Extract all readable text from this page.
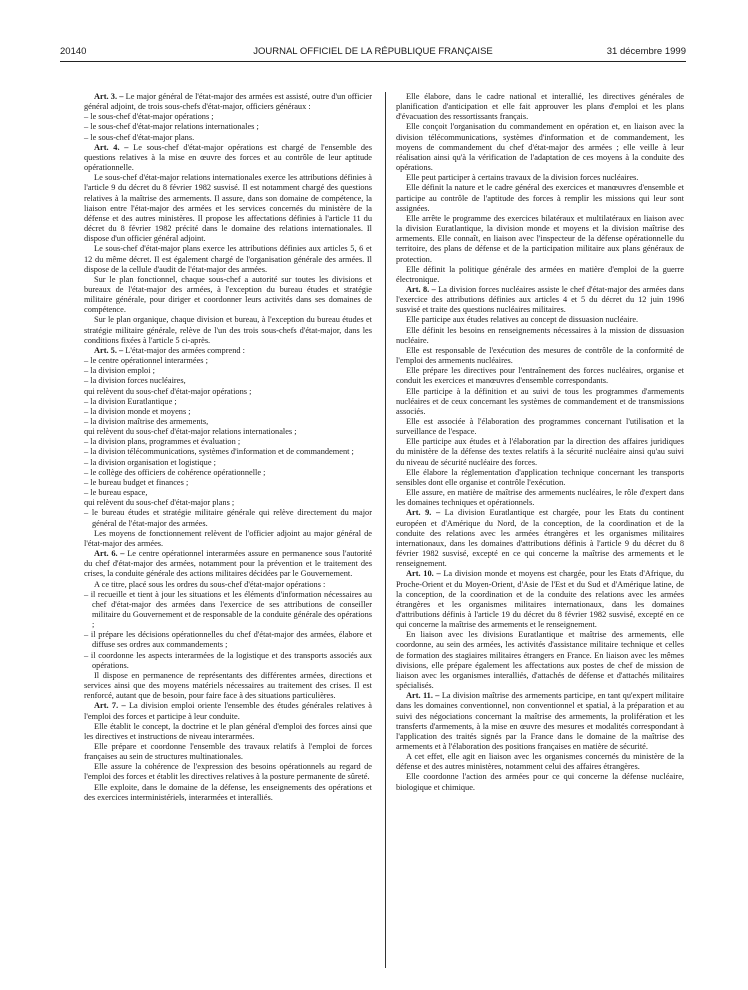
20140	JOURNAL OFFICIEL DE LA RÉPUBLIQUE FRANÇAISE	31 décembre 1999

Art. 3. – Le major général de l'état-major des armées est assisté, outre d'un officier général adjoint, de trois sous-chefs d'état-major, officiers généraux :

– le sous-chef d'état-major opérations ;

– le sous-chef d'état-major relations internationales ;

– le sous-chef d'état-major plans.

Art. 4. – Le sous-chef d'état-major opérations est chargé de l'ensemble des questions relatives à la mise en œuvre des forces et au contrôle de leur aptitude opérationnelle.

Le sous-chef d'état-major relations internationales exerce les attributions définies à l'article 9 du décret du 8 février 1982 susvisé. Il est notamment chargé des questions relatives à la maîtrise des armements. Il assure, dans son domaine de compétence, la liaison entre l'état-major des armées et les services concernés du ministère de la défense et des autres ministères. Il propose les affectations définies à l'article 11 du décret du 8 février 1982 précité dans le domaine des relations internationales. Il dispose d'un officier général adjoint.

Le sous-chef d'état-major plans exerce les attributions définies aux articles 5, 6 et 12 du même décret. Il est également chargé de l'organisation générale des armées. Il dispose de la cellule d'audit de l'état-major des armées.

Sur le plan fonctionnel, chaque sous-chef a autorité sur toutes les divisions et bureaux de l'état-major des armées, à l'exception du bureau études et stratégie militaire générale, pour diriger et coordonner leurs activités dans ses domaines de compétence.

Sur le plan organique, chaque division et bureau, à l'exception du bureau études et stratégie militaire générale, relève de l'un des trois sous-chefs d'état-major, dans les conditions fixées à l'article 5 ci-après.

Art. 5. – L'état-major des armées comprend :

– le centre opérationnel interarmées ;

– la division emploi ;

– la division forces nucléaires,

qui relèvent du sous-chef d'état-major opérations ;

– la division Euratlantique ;

– la division monde et moyens ;

– la division maîtrise des armements,

qui relèvent du sous-chef d'état-major relations internationales ;

– la division plans, programmes et évaluation ;

– la division télécommunications, systèmes d'information et de commandement ;

– la division organisation et logistique ;

– le collège des officiers de cohérence opérationnelle ;

– le bureau budget et finances ;

– le bureau espace,

qui relèvent du sous-chef d'état-major plans ;

– le bureau études et stratégie militaire générale qui relève directement du major général de l'état-major des armées.

Les moyens de fonctionnement relèvent de l'officier adjoint au major général de l'état-major des armées.

Art. 6. – Le centre opérationnel interarmées assure en permanence sous l'autorité du chef d'état-major des armées, notamment pour la prévention et le traitement des crises, la conduite générale des actions militaires décidées par le Gouvernement.

A ce titre, placé sous les ordres du sous-chef d'état-major opérations :

– il recueille et tient à jour les situations et les éléments d'information nécessaires au chef d'état-major des armées dans l'exercice de ses attributions de conseiller militaire du Gouvernement et de responsable de la conduite générale des opérations ;

– il prépare les décisions opérationnelles du chef d'état-major des armées, élabore et diffuse ses ordres aux commandements ;

– il coordonne les aspects interarmées de la logistique et des transports associés aux opérations.

Il dispose en permanence de représentants des différentes armées, directions et services ainsi que des moyens matériels nécessaires au traitement des crises. Il est renforcé, autant que de besoin, pour faire face à des situations particulières.

Art. 7. – La division emploi oriente l'ensemble des études générales relatives à l'emploi des forces et participe à leur conduite.

Elle établit le concept, la doctrine et le plan général d'emploi des forces ainsi que les directives et instructions de niveau interarmées.

Elle prépare et coordonne l'ensemble des travaux relatifs à l'emploi de forces françaises au sein de structures multinationales.

Elle assure la cohérence de l'expression des besoins opérationnels au regard de l'emploi des forces et établit les directives relatives à la posture permanente de sûreté.

Elle exploite, dans le domaine de la défense, les enseignements des opérations et des exercices interministériels, interarmées et interalliés.

Elle élabore, dans le cadre national et interallié, les directives générales de planification d'anticipation et elle fait approuver les plans d'emploi et les plans d'évacuation des ressortissants français.

Elle conçoit l'organisation du commandement en opération et, en liaison avec la division télécommunications, systèmes d'information et de commandement, les moyens de commandement du chef d'état-major des armées ; elle veille à leur réalisation ainsi qu'à la vérification de l'adaptation de ces moyens à la conduite des opérations.

Elle peut participer à certains travaux de la division forces nucléaires.

Elle définit la nature et le cadre général des exercices et manœuvres d'ensemble et participe au contrôle de l'aptitude des forces à remplir les missions qui leur sont assignées.

Elle arrête le programme des exercices bilatéraux et multilatéraux en liaison avec la division Euratlantique, la division monde et moyens et la division maîtrise des armements. Elle connaît, en liaison avec l'inspecteur de la défense opérationnelle du territoire, des plans de défense et de la participation militaire aux plans généraux de protection.

Elle définit la politique générale des armées en matière d'emploi de la guerre électronique.

Art. 8. – La division forces nucléaires assiste le chef d'état-major des armées dans l'exercice des attributions définies aux articles 4 et 5 du décret du 12 juin 1996 susvisé et traite des questions nucléaires militaires.

Elle participe aux études relatives au concept de dissuasion nucléaire.

Elle définit les besoins en renseignements nécessaires à la mission de dissuasion nucléaire.

Elle est responsable de l'exécution des mesures de contrôle de la conformité de l'emploi des armements nucléaires.

Elle prépare les directives pour l'entraînement des forces nucléaires, organise et conduit les exercices et manœuvres d'ensemble correspondants.

Elle participe à la définition et au suivi de tous les programmes d'armements nucléaires et de ceux concernant les systèmes de commandement et de transmissions associés.

Elle est associée à l'élaboration des programmes concernant l'utilisation et la surveillance de l'espace.

Elle participe aux études et à l'élaboration par la direction des affaires juridiques du ministère de la défense des textes relatifs à la sécurité nucléaire ainsi qu'au suivi du niveau de sécurité nucléaire des forces.

Elle élabore la réglementation d'application technique concernant les transports sensibles dont elle organise et contrôle l'exécution.

Elle assure, en matière de maîtrise des armements nucléaires, le rôle d'expert dans les domaines techniques et opérationnels.

Art. 9. – La division Euratlantique est chargée, pour les Etats du continent européen et d'Amérique du Nord, de la conception, de la coordination et de la conduite des relations avec les armées étrangères et les organismes militaires internationaux, dans les domaines d'attributions définis à l'article 9 du décret du 8 février 1982 susvisé, excepté en ce qui concerne la maîtrise des armements et le renseignement.

Art. 10. – La division monde et moyens est chargée, pour les Etats d'Afrique, du Proche-Orient et du Moyen-Orient, d'Asie de l'Est et du Sud et d'Amérique latine, de la conception, de la coordination et de la conduite des relations avec les armées étrangères et les organismes militaires internationaux, dans les domaines d'attributions définis à l'article 19 du décret du 8 février 1982 susvisé, excepté en ce qui concerne la maîtrise des armements et le renseignement.

En liaison avec les divisions Euratlantique et maîtrise des armements, elle coordonne, au sein des armées, les activités d'assistance militaire technique et celles de formation des stagiaires militaires étrangers en France. En liaison avec les mêmes divisions, elle prépare également les affectations aux postes de chef de mission de liaison avec les organismes interalliés, d'attachés de défense et d'attachés militaires spécialisés.

Art. 11. – La division maîtrise des armements participe, en tant qu'expert militaire dans les domaines conventionnel, non conventionnel et spatial, à la préparation et au suivi des négociations concernant la maîtrise des armements, la prolifération et les transferts d'armements, à la mise en œuvre des mesures et modalités correspondant à l'application des traités signés par la France dans le domaine de la maîtrise des armements et à l'élaboration des positions françaises en matière de sécurité.

A cet effet, elle agit en liaison avec les organismes concernés du ministère de la défense et des autres ministères, notamment celui des affaires étrangères.

Elle coordonne l'action des armées pour ce qui concerne la défense nucléaire, biologique et chimique.
